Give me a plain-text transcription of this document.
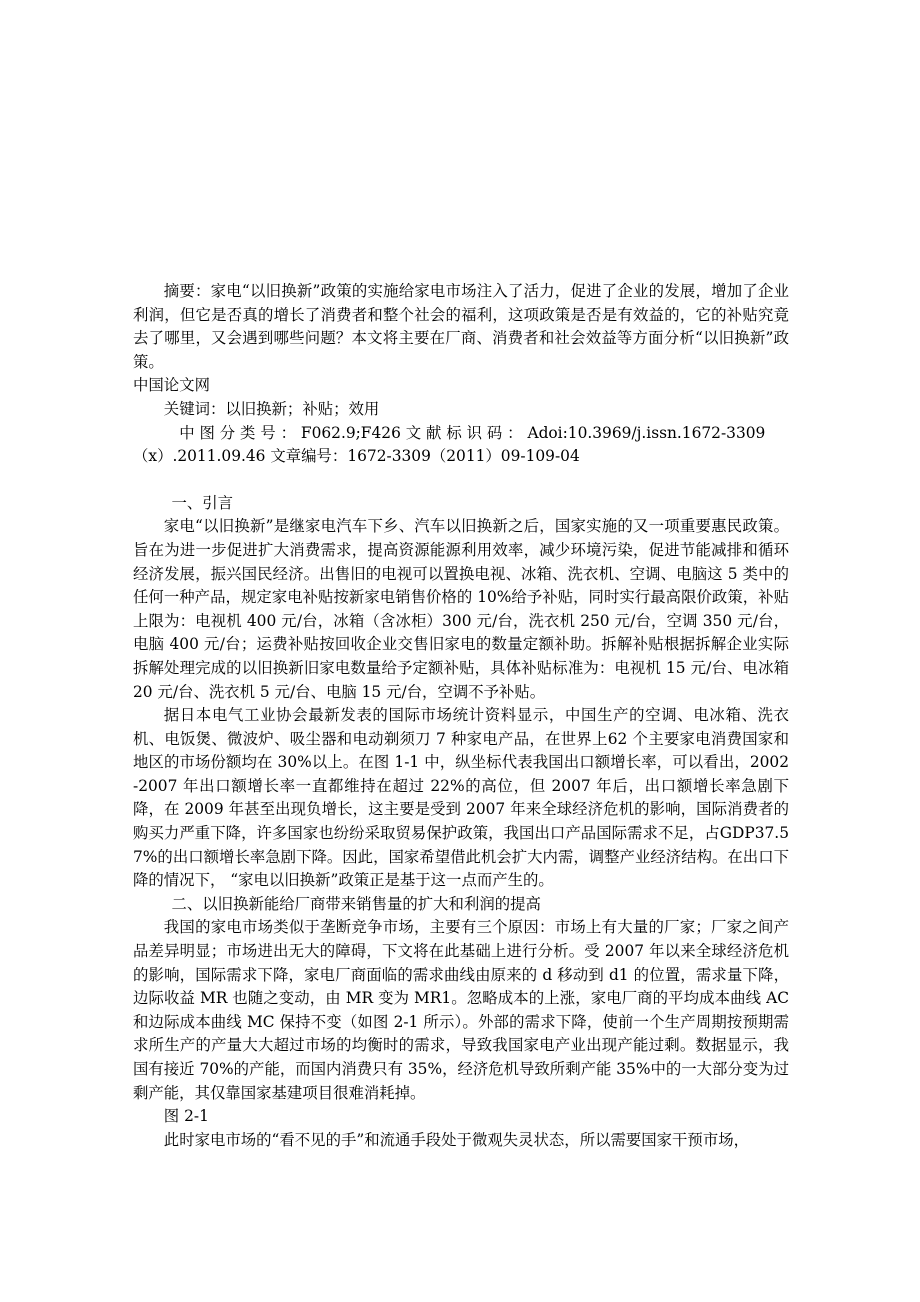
摘要：家电“以旧换新”政策的实施给家电市场注入了活力，促进了企业的发展，增加了企业利润，但它是否真的增长了消费者和整个社会的福利，这项政策是否是有效益的，它的补贴究竟去了哪里，又会遇到哪些问题？本文将主要在厂商、消费者和社会效益等方面分析“以旧换新”政策。

中国论文网

关键词：以旧换新；补贴；效用

中 图 分 类 号 ： F062.9;F426 文 献 标 识 码 ： Adoi:10.3969/j.issn.1672-3309（x）.2011.09.46 文章编号：1672-3309（2011）09-109-04

一、引言

家电“以旧换新”是继家电汽车下乡、汽车以旧换新之后，国家实施的又一项重要惠民政策。旨在为进一步促进扩大消费需求，提高资源能源利用效率，减少环境污染，促进节能减排和循环经济发展，振兴国民经济。出售旧的电视可以置换电视、冰箱、洗衣机、空调、电脑这 5 类中的任何一种产品，规定家电补贴按新家电销售价格的 10%给予补贴，同时实行最高限价政策，补贴上限为：电视机 400 元/台，冰箱（含冰柜）300 元/台，洗衣机 250 元/台，空调 350 元/台，电脑 400 元/台；运费补贴按回收企业交售旧家电的数量定额补助。拆解补贴根据拆解企业实际拆解处理完成的以旧换新旧家电数量给予定额补贴，具体补贴标准为：电视机 15 元/台、电冰箱 20 元/台、洗衣机 5 元/台、电脑 15 元/台，空调不予补贴。

据日本电气工业协会最新发表的国际市场统计资料显示，中国生产的空调、电冰箱、洗衣机、电饭煲、微波炉、吸尘器和电动剃须刀 7 种家电产品，在世界上62 个主要家电消费国家和地区的市场份额均在 30%以上。在图 1-1 中，纵坐标代表我国出口额增长率，可以看出，2002-2007 年出口额增长率一直都维持在超过 22%的高位，但 2007 年后，出口额增长率急剧下降，在 2009 年甚至出现负增长，这主要是受到 2007 年来全球经济危机的影响，国际消费者的购买力严重下降，许多国家也纷纷采取贸易保护政策，我国出口产品国际需求不足，占GDP37.57%的出口额增长率急剧下降。因此，国家希望借此机会扩大内需，调整产业经济结构。在出口下降的情况下， “家电以旧换新”政策正是基于这一点而产生的。

二、以旧换新能给厂商带来销售量的扩大和利润的提高

我国的家电市场类似于垄断竞争市场，主要有三个原因：市场上有大量的厂家；厂家之间产品差异明显；市场进出无大的障碍，下文将在此基础上进行分析。受 2007 年以来全球经济危机的影响，国际需求下降，家电厂商面临的需求曲线由原来的 d 移动到 d1 的位置，需求量下降，边际收益 MR 也随之变动，由 MR 变为 MR1。忽略成本的上涨，家电厂商的平均成本曲线 AC 和边际成本曲线 MC 保持不变（如图 2-1 所示）。外部的需求下降，使前一个生产周期按预期需求所生产的产量大大超过市场的均衡时的需求，导致我国家电产业出现产能过剩。数据显示，我国有接近 70%的产能，而国内消费只有 35%，经济危机导致所剩产能 35%中的一大部分变为过剩产能，其仅靠国家基建项目很难消耗掉。

图 2-1

此时家电市场的“看不见的手”和流通手段处于微观失灵状态，所以需要国家干预市场，
